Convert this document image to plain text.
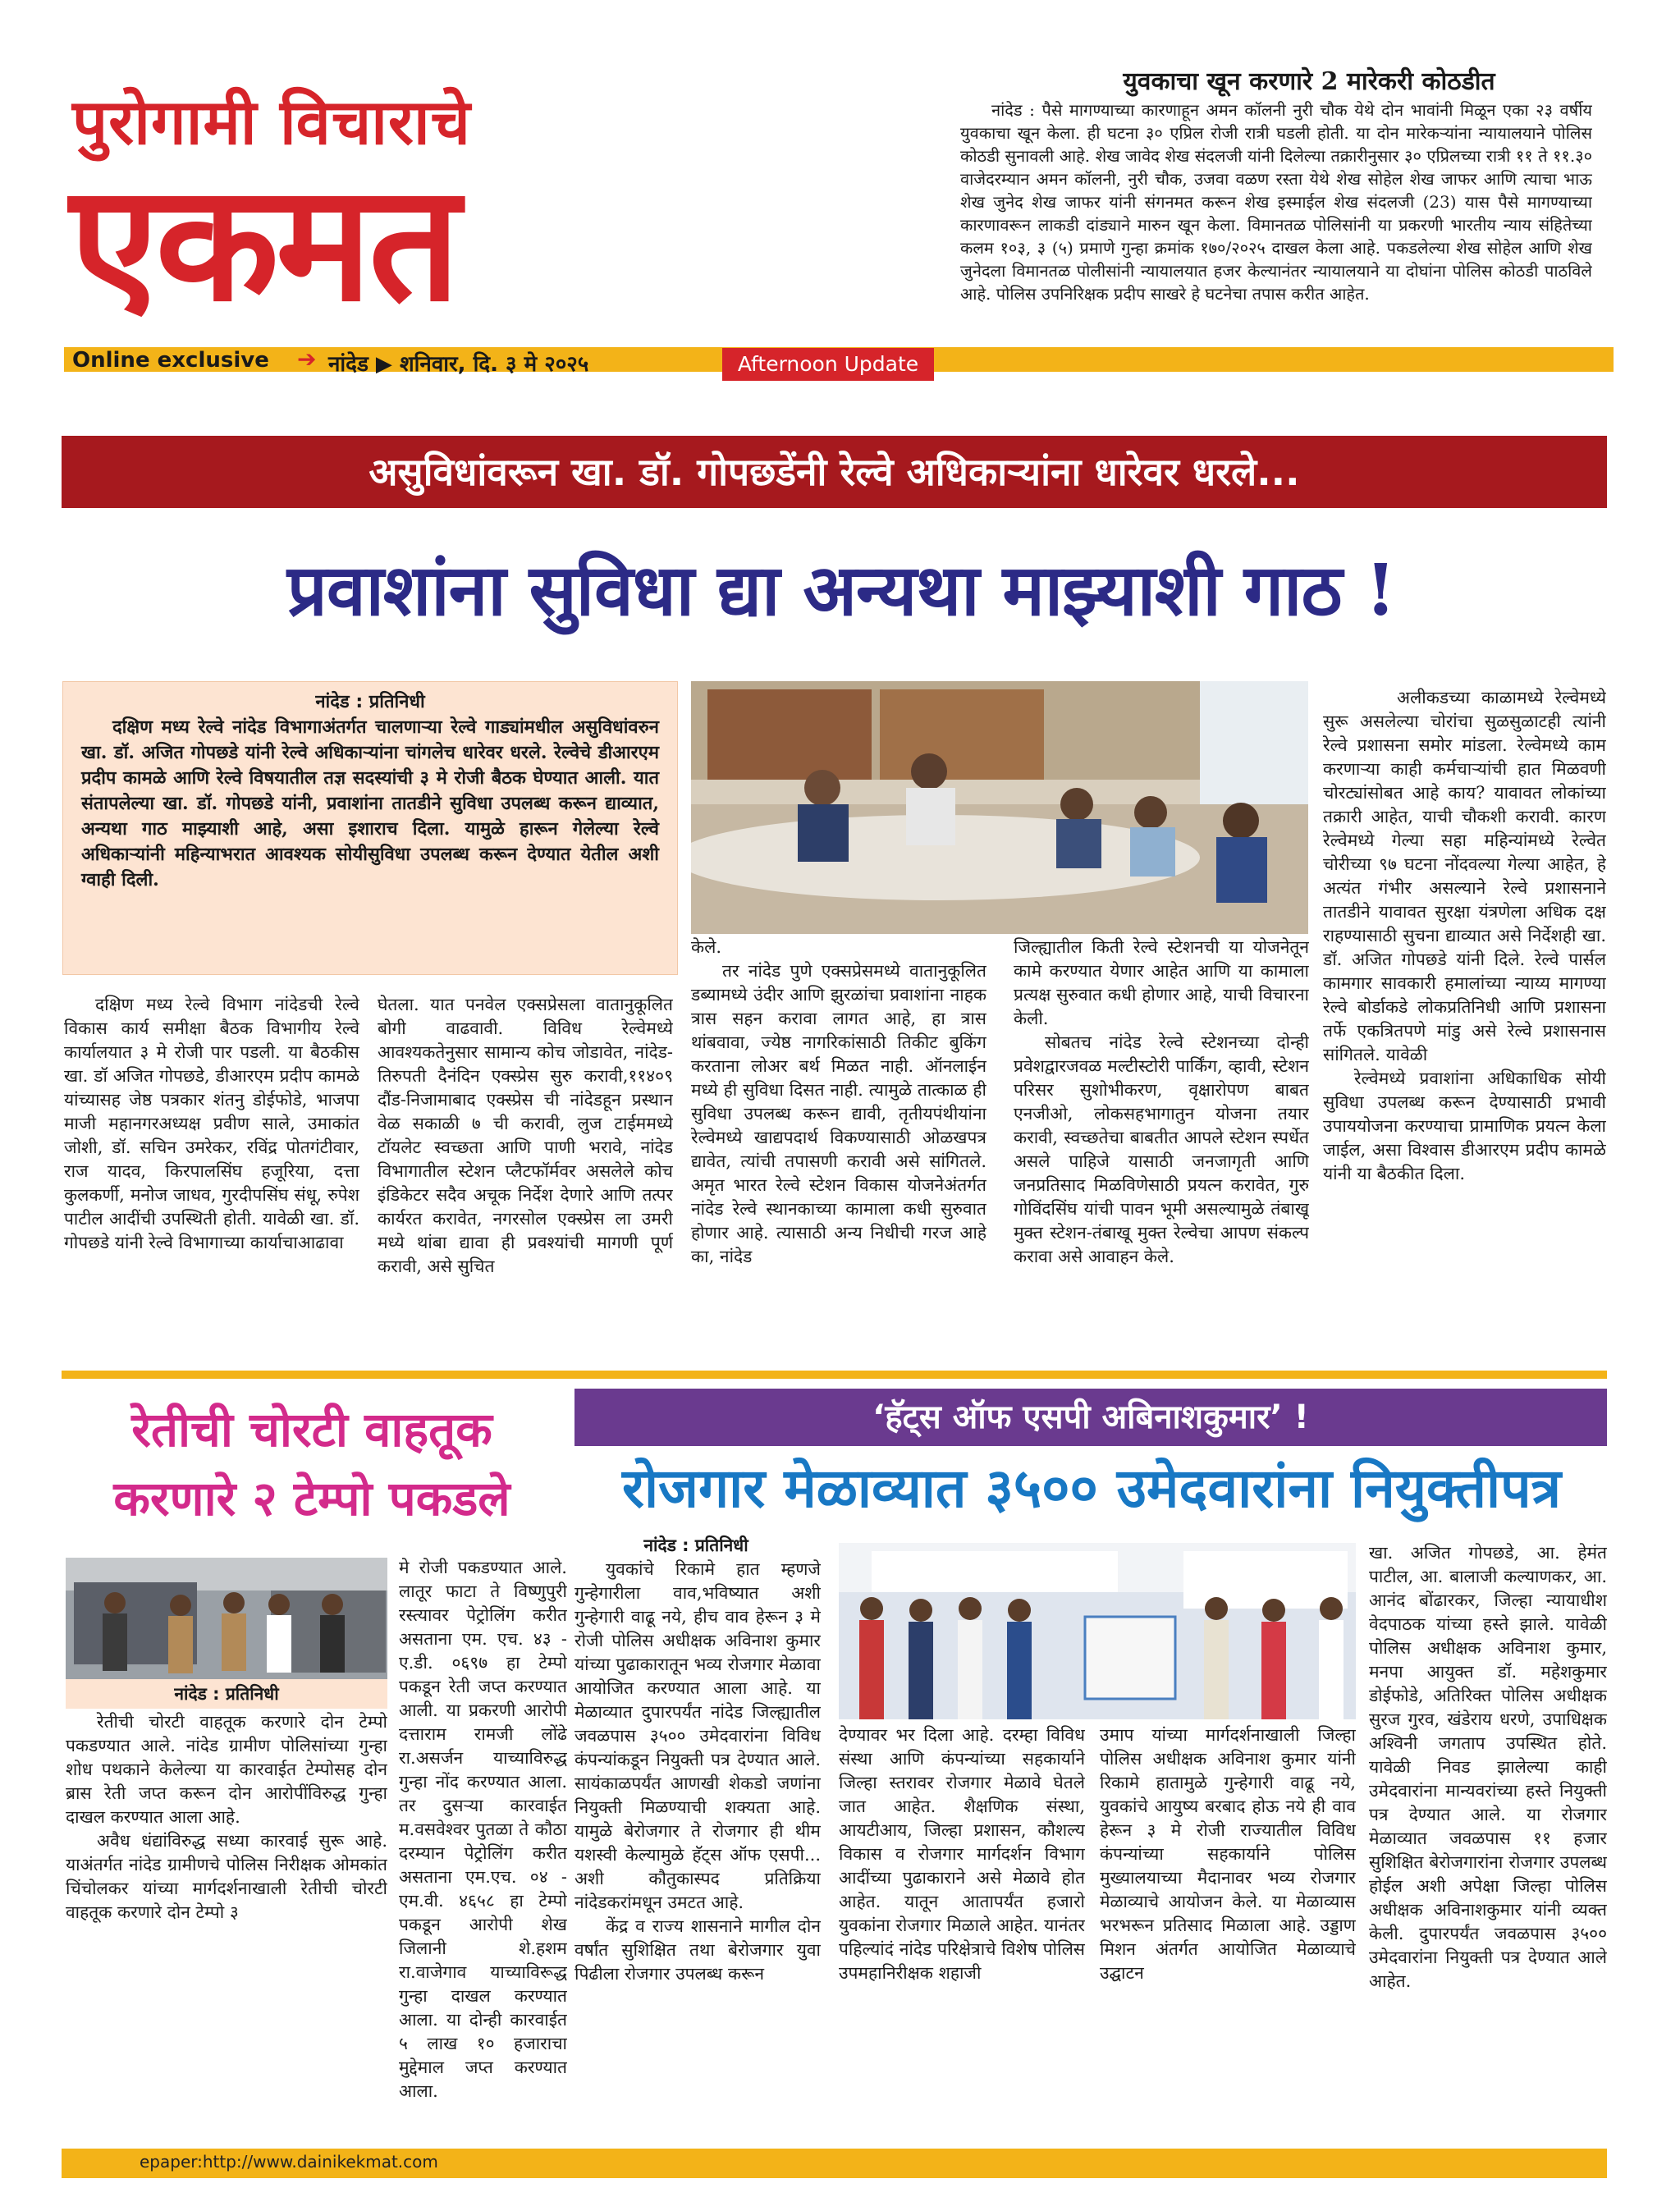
पुरोगामी विचाराचे
एकमत
Online exclusive ➔ नांदेड ▶ शनिवार, दि. ३ मे २०२५	Afternoon Update
युवकाचा खून करणारे 2 मारेकरी कोठडीत

नांदेड : पैसे मागण्याच्या कारणाहून अमन कॉलनी नुरी चौक येथे दोन भावांनी मिळून एका २३ वर्षीय युवकाचा खून केला. ही घटना ३० एप्रिल रोजी रात्री घडली होती. या दोन मारेकऱ्यांना न्यायालयाने पोलिस कोठडी सुनावली आहे. शेख जावेद शेख संदलजी यांनी दिलेल्या तक्रारीनुसार ३० एप्रिलच्या रात्री ११ ते ११.३० वाजेदरम्यान अमन कॉलनी, नुरी चौक, उजवा वळण रस्ता येथे शेख सोहेल शेख जाफर आणि त्याचा भाऊ शेख जुनेद शेख जाफर यांनी संगनमत करून शेख इस्माईल शेख संदलजी (23) यास पैसे मागण्याच्या कारणावरून लाकडी दांड्याने मारुन खून केला. विमानतळ पोलिसांनी या प्रकरणी भारतीय न्याय संहितेच्या कलम १०३, ३ (५) प्रमाणे गुन्हा क्रमांक १७०/२०२५ दाखल केला आहे. पकडलेल्या शेख सोहेल आणि शेख जुनेदला विमानतळ पोलीसांनी न्यायालयात हजर केल्यानंतर न्यायालयाने या दोघांना पोलिस कोठडी पाठविले आहे. पोलिस उपनिरिक्षक प्रदीप साखरे हे घटनेचा तपास करीत आहेत.

असुविधांवरून खा. डॉ. गोपछडेंनी रेल्वे अधिकाऱ्यांना धारेवर धरले...
प्रवाशांना सुविधा द्या अन्यथा माझ्याशी गाठ !
नांदेड : प्रतिनिधी
दक्षिण मध्य रेल्वे नांदेड विभागाअंतर्गत चालणाऱ्या रेल्वे गाड्यांमधील असुविधांवरुन खा. डॉ. अजित गोपछडे यांनी रेल्वे अधिकाऱ्यांना चांगलेच धारेवर धरले. रेल्वेचे डीआरएम प्रदीप कामळे आणि रेल्वे विषयातील तज्ञ सदस्यांची ३ मे रोजी बैठक घेण्यात आली. यात संतापलेल्या खा. डॉ. गोपछडे यांनी, प्रवाशांना तातडीने सुविधा उपलब्ध करून द्याव्यात, अन्यथा गाठ माझ्याशी आहे, असा इशाराच दिला. यामुळे हारून गेलेल्या रेल्वे अधिकाऱ्यांनी महिन्याभरात आवश्यक सोयीसुविधा उपलब्ध करून देण्यात येतील अशी ग्वाही दिली.

केले.

तर नांदेड पुणे एक्सप्रेसमध्ये वातानुकूलित डब्यामध्ये उंदीर आणि झुरळांचा प्रवाशांना नाहक त्रास सहन करावा लागत आहे, हा त्रास थांबवावा, ज्येष्ठ नागरिकांसाठी तिकीट बुकिंग करताना लोअर बर्थ मिळत नाही. ऑनलाईन मध्ये ही सुविधा दिसत नाही. त्यामुळे तात्काळ ही सुविधा उपलब्ध करून द्यावी, तृतीयपंथीयांना रेल्वेमध्ये खाद्यपदार्थ विकण्यासाठी ओळखपत्र द्यावेत, त्यांची तपासणी करावी असे सांगितले. अमृत भारत रेल्वे स्टेशन विकास योजनेअंतर्गत नांदेड रेल्वे स्थानकाच्या कामाला कधी सुरुवात होणार आहे. त्यासाठी अन्य निधीची गरज आहे का, नांदेड

जिल्ह्यातील किती रेल्वे स्टेशनची या योजनेतून कामे करण्यात येणार आहेत आणि या कामाला प्रत्यक्ष सुरुवात कधी होणार आहे, याची विचारना केली.

सोबतच नांदेड रेल्वे स्टेशनच्या दोन्ही प्रवेशद्वारजवळ मल्टीस्टोरी पार्किंग, व्हावी, स्टेशन परिसर सुशोभीकरण, वृक्षारोपण बाबत एनजीओ, लोकसहभागातुन योजना तयार करावी, स्वच्छतेचा बाबतीत आपले स्टेशन स्पर्धेत असले पाहिजे यासाठी जनजागृती आणि जनप्रतिसाद मिळविणेसाठी प्रयत्न करावेत, गुरु गोविंदसिंघ यांची पावन भूमी असल्यामुळे तंबाखू मुक्त स्टेशन-तंबाखू मुक्त रेल्वेचा आपण संकल्प करावा असे आवाहन केले.

दक्षिण मध्य रेल्वे विभाग नांदेडची रेल्वे विकास कार्य समीक्षा बैठक विभागीय रेल्वे कार्यालयात ३ मे रोजी पार पडली. या बैठकीस खा. डॉ अजित गोपछडे, डीआरएम प्रदीप कामळे यांच्यासह जेष्ठ पत्रकार शंतनु डोईफोडे, भाजपा माजी महानगरअध्यक्ष प्रवीण साले, उमाकांत जोशी, डॉ. सचिन उमरेकर, रविंद्र पोतगंटीवार, राज यादव, किरपालसिंघ हजूरिया, दत्ता कुलकर्णी, मनोज जाधव, गुरदीपसिंघ संधू, रुपेश पाटील आदींची उपस्थिती होती. यावेळी खा. डॉ. गोपछडे यांनी रेल्वे विभागाच्या कार्याचाआढावा

घेतला. यात पनवेल एक्सप्रेसला वातानुकूलित बोगी वाढवावी. विविध रेल्वेमध्ये आवश्यकतेनुसार सामान्य कोच जोडावेत, नांदेड- तिरुपती दैनंदिन एक्स्प्रेस सुरु करावी,११४०९ दौंड-निजामाबाद एक्स्प्रेस ची नांदेडहून प्रस्थान वेळ सकाळी ७ ची करावी, लुज टाईममध्ये टॉयलेट स्वच्छता आणि पाणी भरावे, नांदेड विभागातील स्टेशन प्लैटफॉर्मवर असलेले कोच इंडिकेटर सदैव अचूक निर्देश देणारे आणि तत्पर कार्यरत करावेत, नगरसोल एक्स्प्रेस ला उमरी मध्ये थांबा द्यावा ही प्रवश्यांची मागणी पूर्ण करावी, असे सुचित

अलीकडच्या काळामध्ये रेल्वेमध्ये सुरू असलेल्या चोरांचा सुळसुळाटही त्यांनी रेल्वे प्रशासना समोर मांडला. रेल्वेमध्ये काम करणाऱ्या काही कर्मचाऱ्यांची हात मिळवणी चोरट्यांसोबत आहे काय? यावावत लोकांच्या तक्रारी आहेत, याची चौकशी करावी. कारण रेल्वेमध्ये गेल्या सहा महिन्यांमध्ये रेल्वेत चोरीच्या ९७ घटना नोंदवल्या गेल्या आहेत, हे अत्यंत गंभीर असल्याने रेल्वे प्रशासनाने तातडीने यावावत सुरक्षा यंत्रणेला अधिक दक्ष राहण्यासाठी सुचना द्याव्यात असे निर्देशही खा. डॉ. अजित गोपछडे यांनी दिले. रेल्वे पार्सल कामगार सावकारी हमालांच्या न्याय्य मागण्या रेल्वे बोर्डाकडे लोकप्रतिनिधी आणि प्रशासना तर्फे एकत्रितपणे मांडु असे रेल्वे प्रशासनास सांगितले. यावेळी

रेल्वेमध्ये प्रवाशांना अधिकाधिक सोयी सुविधा उपलब्ध करून देण्यासाठी प्रभावी उपाययोजना करण्याचा प्रामाणिक प्रयत्न केला जाईल, असा विश्वास डीआरएम प्रदीप कामळे यांनी या बैठकीत दिला.

रेतीची चोरटी वाहतूक
करणारे २ टेम्पो पकडले
नांदेड : प्रतिनिधी

रेतीची चोरटी वाहतूक करणारे दोन टेम्पो पकडण्यात आले. नांदेड ग्रामीण पोलिसांच्या गुन्हा शोध पथकाने केलेल्या या कारवाईत टेम्पोसह दोन ब्रास रेती जप्त करून दोन आरोपींविरुद्ध गुन्हा दाखल करण्यात आला आहे.

अवैध धंद्यांविरुद्ध सध्या कारवाई सुरू आहे. याअंतर्गत नांदेड ग्रामीणचे पोलिस निरीक्षक ओमकांत चिंचोलकर यांच्या मार्गदर्शनाखाली रेतीची चोरटी वाहतूक करणारे दोन टेम्पो ३

मे रोजी पकडण्यात आले. लातूर फाटा ते विष्णुपुरी रस्त्यावर पेट्रोलिंग करीत असताना एम. एच. ४३ - ए.डी. ०६९७ हा टेम्पो पकडून रेती जप्त करण्यात आली. या प्रकरणी आरोपी दत्ताराम रामजी लोंढे रा.असर्जन याच्याविरुद्ध गुन्हा नोंद करण्यात आला. तर दुसऱ्या कारवाईत म.वसवेश्वर पुतळा ते कौठा दरम्यान पेट्रोलिंग करीत असताना एम.एच. ०४ - एम.वी. ४६५८ हा टेम्पो पकडून आरोपी शेख जिलानी शे.हशम रा.वाजेगाव याच्याविरूद्ध गुन्हा दाखल करण्यात आला. या दोन्ही कारवाईत ५ लाख १० हजाराचा मुद्देमाल जप्त करण्यात आला.

‘हॅट्स ऑफ एसपी अबिनाशकुमार’ !
रोजगार मेळाव्यात ३५०० उमेदवारांना नियुक्तीपत्र
नांदेड : प्रतिनिधी

युवकांचे रिकामे हात म्हणजे गुन्हेगारीला वाव,भविष्यात अशी गुन्हेगारी वाढू नये, हीच वाव हेरून ३ मे रोजी पोलिस अधीक्षक अविनाश कुमार यांच्या पुढाकारातून भव्य रोजगार मेळावा आयोजित करण्यात आला आहे. या मेळाव्यात दुपारपर्यंत नांदेड जिल्ह्यातील जवळपास ३५०० उमेदवारांना विविध कंपन्यांकडून नियुक्ती पत्र देण्यात आले. सायंकाळपर्यंत आणखी शेकडो जणांना नियुक्ती मिळण्याची शक्यता आहे. यामुळे बेरोजगार ते रोजगार ही थीम यशस्वी केल्यामुळे हॅट्स ऑफ एसपी... अशी कौतुकास्पद प्रतिक्रिया नांदेडकरांमधून उमटत आहे.

केंद्र व राज्य शासनाने मागील दोन वर्षांत सुशिक्षित तथा बेरोजगार युवा पिढीला रोजगार उपलब्ध करून

देण्यावर भर दिला आहे. दरम्हा विविध संस्था आणि कंपन्यांच्या सहकार्याने जिल्हा स्तरावर रोजगार मेळावे घेतले जात आहेत. शैक्षणिक संस्था, आयटीआय, जिल्हा प्रशासन, कौशल्य विकास व रोजगार मार्गदर्शन विभाग आदींच्या पुढाकाराने असे मेळावे होत आहेत. यातून आतापर्यंत हजारो युवकांना रोजगार मिळाले आहेत. यानंतर पहिल्यांदं नांदेड परिक्षेत्राचे विशेष पोलिस उपमहानिरीक्षक शहाजी

उमाप यांच्या मार्गदर्शनाखाली जिल्हा पोलिस अधीक्षक अविनाश कुमार यांनी रिकामे हातामुळे गुन्हेगारी वाढू नये, युवकांचे आयुष्य बरबाद होऊ नये ही वाव हेरून ३ मे रोजी राज्यातील विविध कंपन्यांच्या सहकार्याने पोलिस मुख्यालयाच्या मैदानावर भव्य रोजगार मेळाव्याचे आयोजन केले. या मेळाव्यास भरभरून प्रतिसाद मिळाला आहे. उड्डाण मिशन अंतर्गत आयोजित मेळाव्याचे उद्घाटन

खा. अजित गोपछडे, आ. हेमंत पाटील, आ. बालाजी कल्याणकर, आ. आनंद बोंढारकर, जिल्हा न्यायाधीश वेदपाठक यांच्या हस्ते झाले. यावेळी पोलिस अधीक्षक अविनाश कुमार, मनपा आयुक्त डॉ. महेशकुमार डोईफोडे, अतिरिक्त पोलिस अधीक्षक सुरज गुरव, खंडेराय धरणे, उपाधिक्षक अश्विनी जगताप उपस्थित होते. यावेळी निवड झालेल्या काही उमेदवारांना मान्यवरांच्या हस्ते नियुक्ती पत्र देण्यात आले. या रोजगार मेळाव्यात जवळपास ११ हजार सुशिक्षित बेरोजगारांना रोजगार उपलब्ध होईल अशी अपेक्षा जिल्हा पोलिस अधीक्षक अविनाशकुमार यांनी व्यक्त केली. दुपारपर्यंत जवळपास ३५०० उमेदवारांना नियुक्ती पत्र देण्यात आले आहेत.

epaper:http://www.dainikekmat.com
